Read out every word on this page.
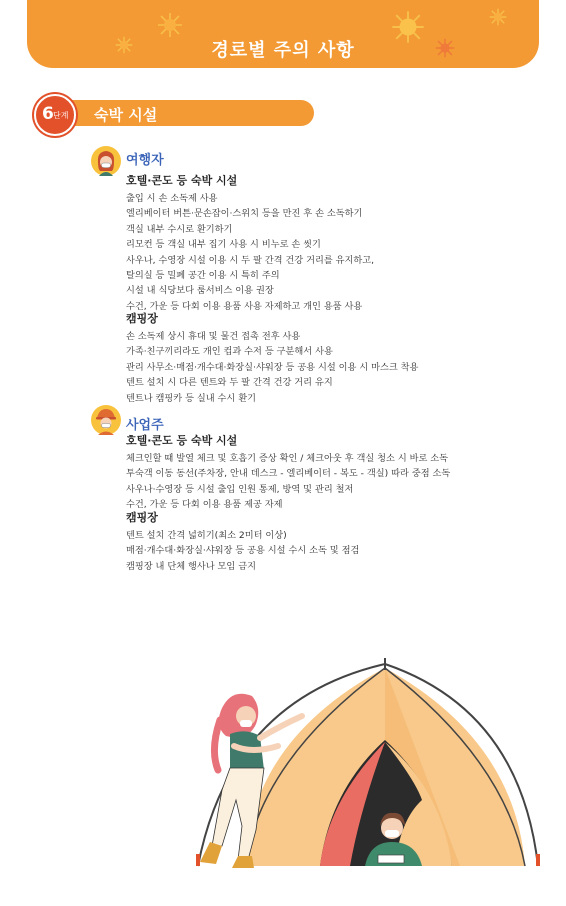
경로별 주의 사항
숙박 시설
6 단계
여행자
호텔·콘도 등 숙박 시설
출입 시 손 소독제 사용
엘리베이터 버튼·문손잡이·스위치 등을 만진 후 손 소독하기
객실 내부 수시로 환기하기
리모컨 등 객실 내부 집기 사용 시 비누로 손 씻기
사우나, 수영장 시설 이용 시 두 팔 간격 건강 거리를 유지하고,
탈의실 등 밀폐 공간 이용 시 특히 주의
시설 내 식당보다 룸서비스 이용 권장
수건, 가운 등 다회 이용 용품 사용 자제하고 개인 용품 사용
캠핑장
손 소독제 상시 휴대 및 물건 접촉 전후 사용
가족·친구끼리라도 개인 컵과 수저 등 구분해서 사용
관리 사무소·매점·개수대·화장실·샤워장 등 공용 시설 이용 시 마스크 착용
텐트 설치 시 다른 텐트와 두 팔 간격 건강 거리 유지
텐트나 캠핑카 등 실내 수시 환기
사업주
호텔·콘도 등 숙박 시설
체크인할 때 발열 체크 및 호흡기 증상 확인 / 체크아웃 후 객실 청소 시 바로 소독
투숙객 이동 동선(주차장, 안내 데스크 - 엘리베이터 - 복도 - 객실) 따라 중점 소독
사우나·수영장 등 시설 출입 인원 통제, 방역 및 관리 철저
수건, 가운 등 다회 이용 용품 제공 자제
캠핑장
텐트 설치 간격 넓히기(최소 2미터 이상)
매점·개수대·화장실·샤워장 등 공용 시설 수시 소독 및 점검
캠핑장 내 단체 행사나 모임 금지
